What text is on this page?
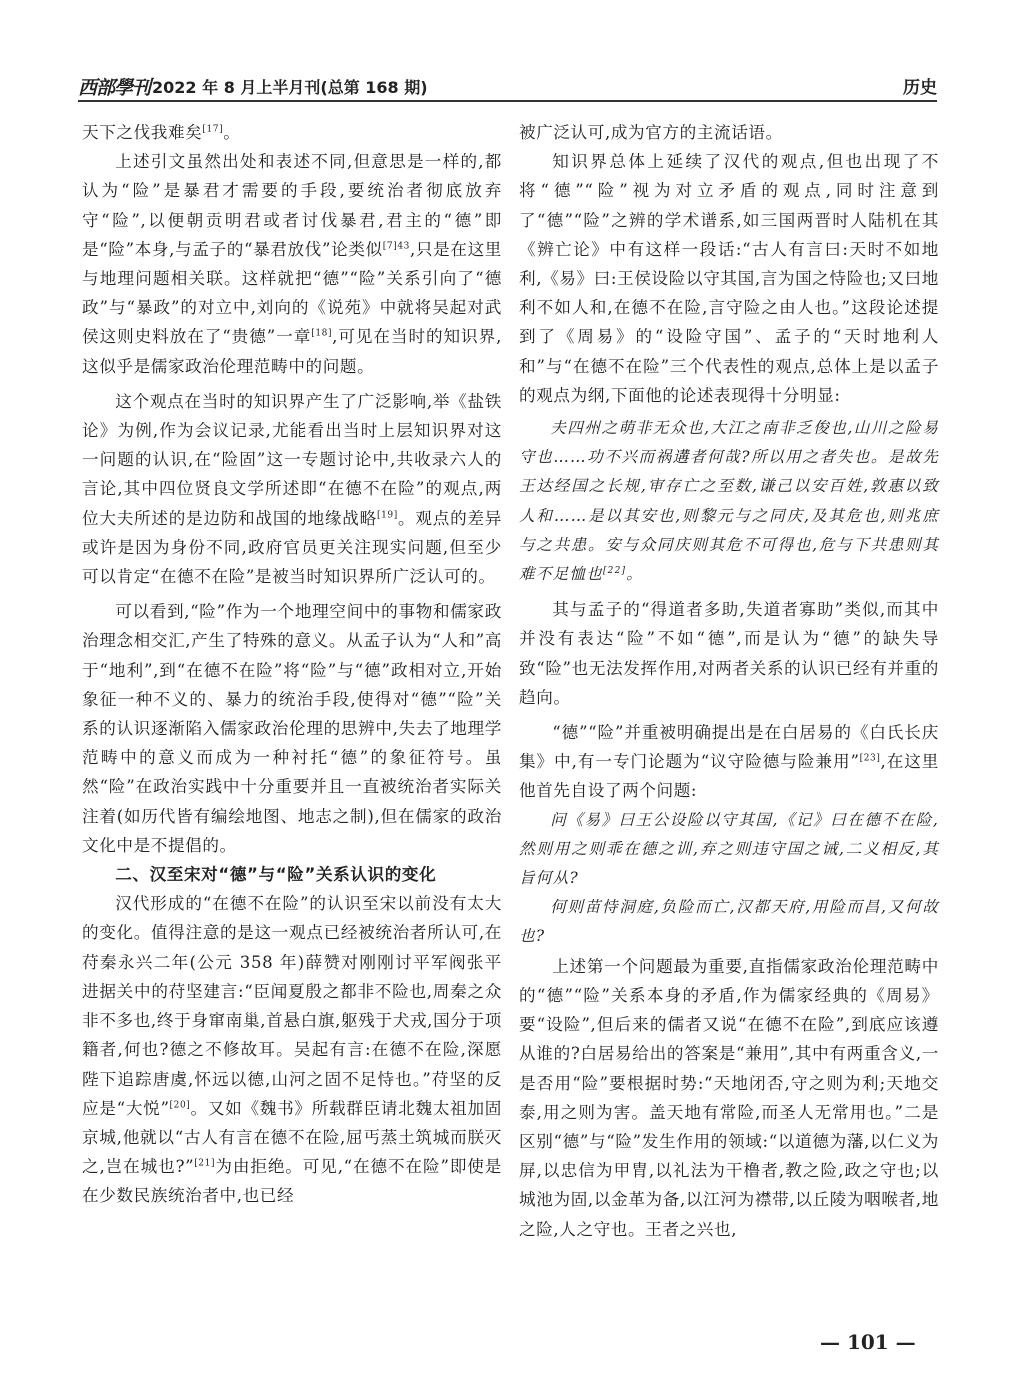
西部學刊 2022 年 8 月上半月刊(总第 168 期)	历史

天下之伐我难矣[17]。

上述引文虽然出处和表述不同,但意思是一样的,都认为“险”是暴君才需要的手段,要统治者彻底放弃守“险”,以便朝贡明君或者讨伐暴君,君主的“德”即是“险”本身,与孟子的“暴君放伐”论类似$^{[7]43}$,只是在这里与地理问题相关联。这样就把“德”“险”关系引向了“德政”与“暴政”的对立中,刘向的《说苑》中就将吴起对武侯这则史料放在了“贵德”一章[18],可见在当时的知识界,这似乎是儒家政治伦理范畴中的问题。

这个观点在当时的知识界产生了广泛影响,举《盐铁论》为例,作为会议记录,尤能看出当时上层知识界对这一问题的认识,在“险固”这一专题讨论中,共收录六人的言论,其中四位贤良文学所述即“在德不在险”的观点,两位大夫所述的是边防和战国的地缘战略[19]。观点的差异或许是因为身份不同,政府官员更关注现实问题,但至少可以肯定“在德不在险”是被当时知识界所广泛认可的。

可以看到,“险”作为一个地理空间中的事物和儒家政治理念相交汇,产生了特殊的意义。从孟子认为“人和”高于“地利”,到“在德不在险”将“险”与“德”政相对立,开始象征一种不义的、暴力的统治手段,使得对“德”“险”关系的认识逐渐陷入儒家政治伦理的思辨中,失去了地理学范畴中的意义而成为一种衬托“德”的象征符号。虽然“险”在政治实践中十分重要并且一直被统治者实际关注着(如历代皆有编绘地图、地志之制),但在儒家的政治文化中是不提倡的。

二、汉至宋对“德”与“险”关系认识的变化

汉代形成的“在德不在险”的认识至宋以前没有太大的变化。值得注意的是这一观点已经被统治者所认可,在苻秦永兴二年(公元 358 年)薛赞对刚刚讨平军阀张平进据关中的苻坚建言:“臣闻夏殷之都非不险也,周秦之众非不多也,终于身窜南巢,首悬白旗,躯残于犬戎,国分于项籍者,何也?德之不修故耳。吴起有言:在德不在险,深愿陛下追踪唐虞,怀远以德,山河之固不足恃也。”苻坚的反应是“大悦”[20]。又如《魏书》所载群臣请北魏太祖加固京城,他就以“古人有言在德不在险,屈丐蒸土筑城而朕灭之,岂在城也?”[21]为由拒绝。可见,“在德不在险”即使是在少数民族统治者中,也已经

被广泛认可,成为官方的主流话语。

知识界总体上延续了汉代的观点,但也出现了不将“德”“险”视为对立矛盾的观点,同时注意到了“德”“险”之辨的学术谱系,如三国两晋时人陆机在其《辨亡论》中有这样一段话:“古人有言曰:天时不如地利,《易》曰:王侯设险以守其国,言为国之恃险也;又曰地利不如人和,在德不在险,言守险之由人也。”这段论述提到了《周易》的“设险守国”、孟子的“天时地利人和”与“在德不在险”三个代表性的观点,总体上是以孟子的观点为纲,下面他的论述表现得十分明显:

夫四州之萌非无众也,大江之南非乏俊也,山川之险易守也……功不兴而祸遘者何哉?所以用之者失也。是故先王达经国之长规,审存亡之至数,谦己以安百姓,敦惠以致人和……是以其安也,则黎元与之同庆,及其危也,则兆庶与之共患。安与众同庆则其危不可得也,危与下共患则其难不足恤也[22]。

其与孟子的“得道者多助,失道者寡助”类似,而其中并没有表达“险”不如“德”,而是认为“德”的缺失导致“险”也无法发挥作用,对两者关系的认识已经有并重的趋向。

“德”“险”并重被明确提出是在白居易的《白氏长庆集》中,有一专门论题为“议守险德与险兼用”[23],在这里他首先自设了两个问题:

问《易》曰王公设险以守其国,《记》曰在德不在险,然则用之则乖在德之训,弃之则违守国之诫,二义相反,其旨何从?

何则苗恃洞庭,负险而亡,汉都天府,用险而昌,又何故也?

上述第一个问题最为重要,直指儒家政治伦理范畴中的“德”“险”关系本身的矛盾,作为儒家经典的《周易》要“设险”,但后来的儒者又说“在德不在险”,到底应该遵从谁的?白居易给出的答案是“兼用”,其中有两重含义,一是否用“险”要根据时势:“天地闭否,守之则为利;天地交泰,用之则为害。盖天地有常险,而圣人无常用也。”二是区别“德”与“险”发生作用的领域:“以道德为藩,以仁义为屏,以忠信为甲胄,以礼法为干橹者,教之险,政之守也;以城池为固,以金革为备,以江河为襟带,以丘陵为咽喉者,地之险,人之守也。王者之兴也,

— 101 —
